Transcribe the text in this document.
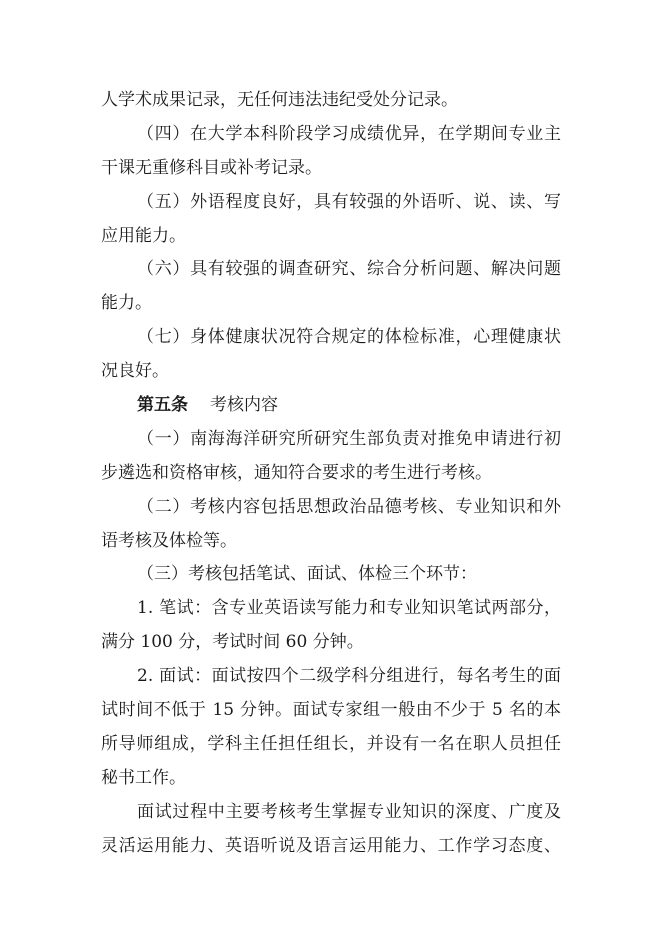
人学术成果记录，无任何违法违纪受处分记录。
（四）在大学本科阶段学习成绩优异，在学期间专业主
干课无重修科目或补考记录。
（五）外语程度良好，具有较强的外语听、说、读、写
应用能力。
（六）具有较强的调查研究、综合分析问题、解决问题
能力。
（七）身体健康状况符合规定的体检标准，心理健康状
况良好。
第五条 考核内容
（一）南海海洋研究所研究生部负责对推免申请进行初
步遴选和资格审核，通知符合要求的考生进行考核。
（二）考核内容包括思想政治品德考核、专业知识和外
语考核及体检等。
（三）考核包括笔试、面试、体检三个环节：
1. 笔试：含专业英语读写能力和专业知识笔试两部分，
满分 100 分，考试时间 60 分钟。
2. 面试：面试按四个二级学科分组进行，每名考生的面
试时间不低于 15 分钟。面试专家组一般由不少于 5 名的本
所导师组成，学科主任担任组长，并设有一名在职人员担任
秘书工作。
面试过程中主要考核考生掌握专业知识的深度、广度及
灵活运用能力、英语听说及语言运用能力、工作学习态度、
